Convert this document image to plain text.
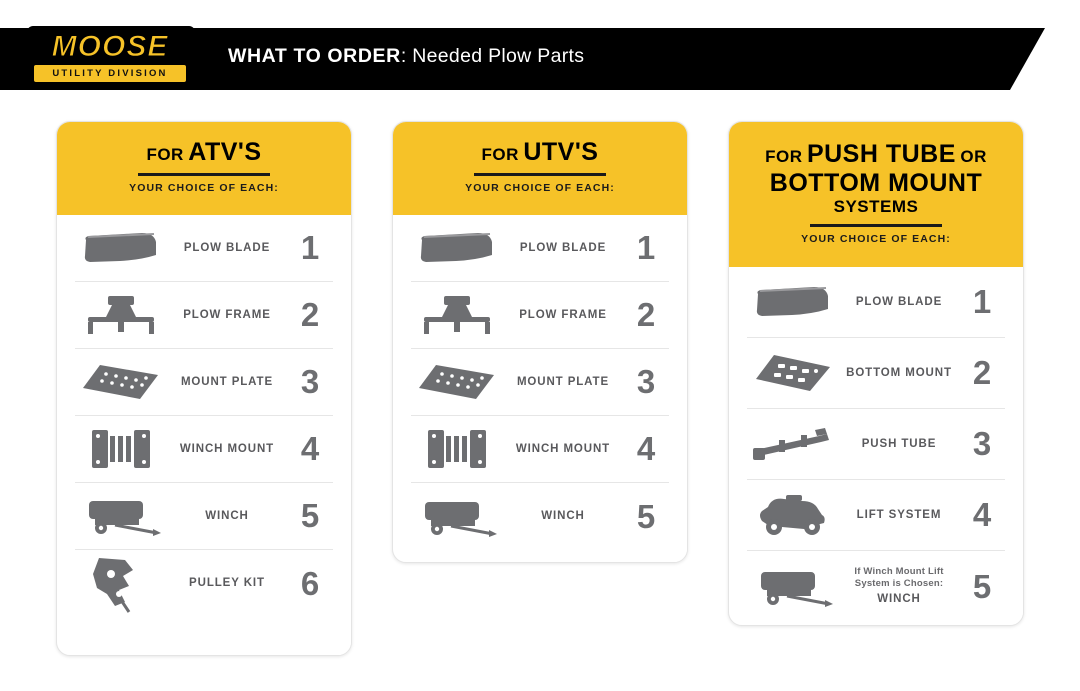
MOOSE
UTILITY DIVISION
WHAT TO ORDER: Needed Plow Parts
FOR ATV'S
YOUR CHOICE OF EACH:
PLOW BLADE 1
PLOW FRAME 2
MOUNT PLATE 3
WINCH MOUNT 4
WINCH	5
PULLEY KIT	6
FOR UTV'S
YOUR CHOICE OF EACH:
PLOW BLADE 1
PLOW FRAME 2
MOUNT PLATE 3
WINCH MOUNT 4
WINCH	5
FOR PUSH TUBE OR
BOTTOM MOUNT
SYSTEMS
YOUR CHOICE OF EACH:
PLOW BLADE 1
BOTTOM MOUNT 2
PUSH TUBE	3
LIFT SYSTEM 4
If Winch Mount Lift System is Chosen:
WINCH	5
